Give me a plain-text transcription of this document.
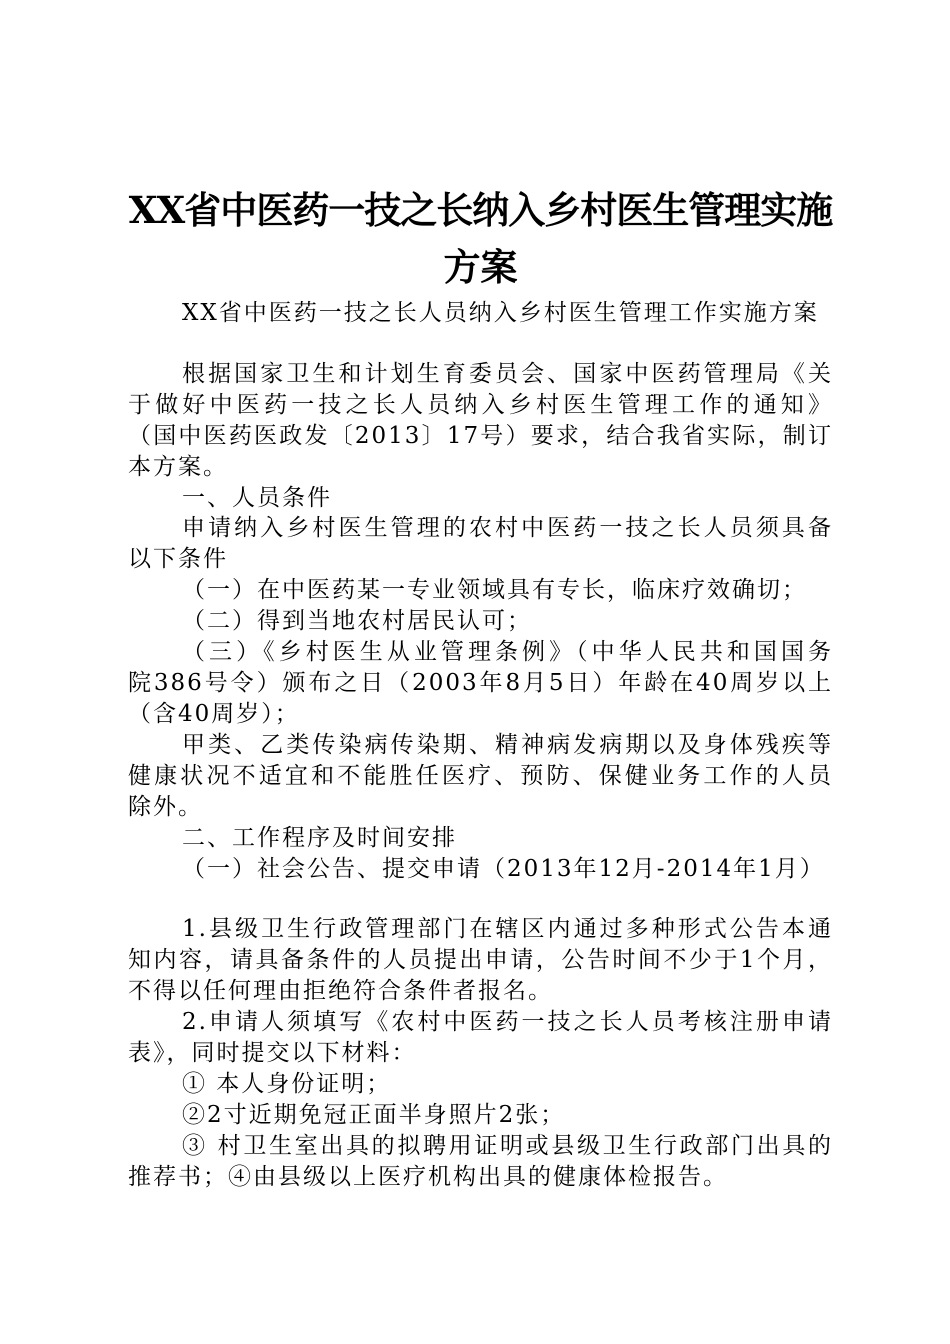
XX省中医药一技之长纳入乡村医生管理实施
方案
XX省中医药一技之长人员纳入乡村医生管理工作实施方案
根据国家卫生和计划生育委员会、国家中医药管理局《关
于做好中医药一技之长人员纳入乡村医生管理工作的通知》
（国中医药医政发〔2013〕17号）要求，结合我省实际，制订
本方案。
一、人员条件
申请纳入乡村医生管理的农村中医药一技之长人员须具备
以下条件
（一）在中医药某一专业领域具有专长，临床疗效确切；
（二）得到当地农村居民认可；
（三）《乡村医生从业管理条例》（中华人民共和国国务
院386号令）颁布之日（2003年8月5日）年龄在40周岁以上
（含40周岁）；
甲类、乙类传染病传染期、精神病发病期以及身体残疾等
健康状况不适宜和不能胜任医疗、预防、保健业务工作的人员
除外。
二、工作程序及时间安排
（一）社会公告、提交申请（2013年12月-2014年1月）
1.县级卫生行政管理部门在辖区内通过多种形式公告本通
知内容，请具备条件的人员提出申请，公告时间不少于1个月，
不得以任何理由拒绝符合条件者报名。
2.申请人须填写《农村中医药一技之长人员考核注册申请
表》，同时提交以下材料：
① 本人身份证明；
②2寸近期免冠正面半身照片2张；
③ 村卫生室出具的拟聘用证明或县级卫生行政部门出具的
推荐书；④由县级以上医疗机构出具的健康体检报告。
